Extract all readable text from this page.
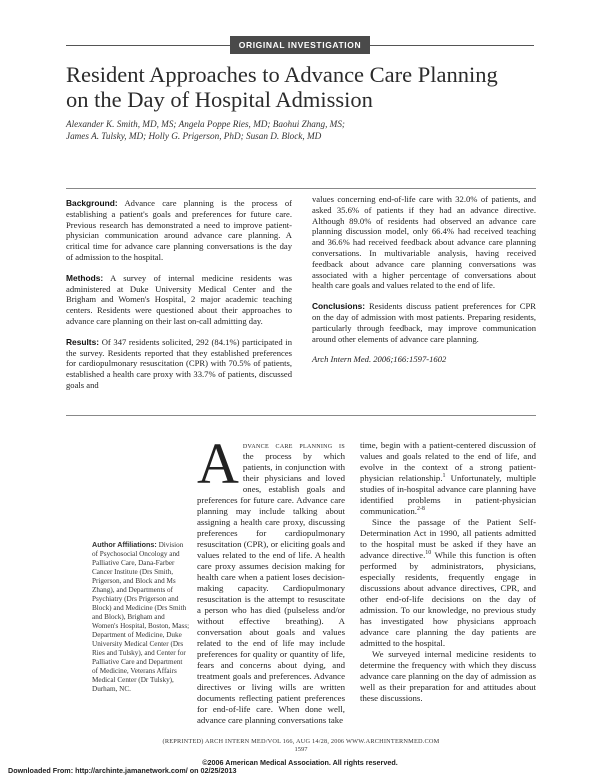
ORIGINAL INVESTIGATION
Resident Approaches to Advance Care Planning
on the Day of Hospital Admission
Alexander K. Smith, MD, MS; Angela Poppe Ries, MD; Baohui Zhang, MS;
James A. Tulsky, MD; Holly G. Prigerson, PhD; Susan D. Block, MD

Background: Advance care planning is the process of establishing a patient's goals and preferences for future care. Previous research has demonstrated a need to improve patient-physician communication around advance care planning. A critical time for advance care planning conversations is the day of admission to the hospital.

Methods: A survey of internal medicine residents was administered at Duke University Medical Center and the Brigham and Women's Hospital, 2 major academic teaching centers. Residents were questioned about their approaches to advance care planning on their last on-call admitting day.

Results: Of 347 residents solicited, 292 (84.1%) participated in the survey. Residents reported that they established preferences for cardiopulmonary resuscitation (CPR) with 70.5% of patients, established a health care proxy with 33.7% of patients, discussed goals and

values concerning end-of-life care with 32.0% of patients, and asked 35.6% of patients if they had an advance directive. Although 89.0% of residents had observed an advance care planning discussion model, only 66.4% had received teaching and 36.6% had received feedback about advance care planning conversations. In multivariable analysis, having received feedback about advance care planning conversations was associated with a higher percentage of conversations about health care goals and values related to the end of life.

Conclusions: Residents discuss patient preferences for CPR on the day of admission with most patients. Preparing residents, particularly through feedback, may improve communication around other elements of advance care planning.

Arch Intern Med. 2006;166:1597-1602

Author Affiliations: Division of Psychosocial Oncology and Palliative Care, Dana-Farber Cancer Institute (Drs Smith, Prigerson, and Block and Ms Zhang), and Departments of Psychiatry (Drs Prigerson and Block) and Medicine (Drs Smith and Block), Brigham and Women's Hospital, Boston, Mass; Department of Medicine, Duke University Medical Center (Drs Ries and Tulsky), and Center for Palliative Care and Department of Medicine, Veterans Affairs Medical Center (Dr Tulsky), Durham, NC.

A dvance care planning is the process by which patients, in conjunction with their physicians and loved ones, establish goals and preferences for future care. Advance care planning may include talking about assigning a health care proxy, discussing preferences for cardiopulmonary resuscitation (CPR), or eliciting goals and values related to the end of life. A health care proxy assumes decision making for health care when a patient loses decision-making capacity. Cardiopulmonary resuscitation is the attempt to resuscitate a person who has died (pulseless and/or without effective breathing). A conversation about goals and values related to the end of life may include preferences for quality or quantity of life, fears and concerns about dying, and treatment goals and preferences. Advance directives or living wills are written documents reflecting patient preferences for end-of-life care. When done well, advance care planning conversations take

time, begin with a patient-centered discussion of values and goals related to the end of life, and evolve in the context of a strong patient-physician relationship.$^1$ Unfortunately, multiple studies of in-hospital advance care planning have identified problems in patient-physician communication.$^{2-8}$

Since the passage of the Patient Self-Determination Act in 1990, all patients admitted to the hospital must be asked if they have an advance directive.$^{10}$ While this function is often performed by administrators, physicians, especially residents, frequently engage in discussions about advance directives, CPR, and other end-of-life decisions on the day of admission. To our knowledge, no previous study has investigated how physicians approach advance care planning the day patients are admitted to the hospital.

We surveyed internal medicine residents to determine the frequency with which they discuss advance care planning on the day of admission as well as their preparation for and attitudes about these discussions.

(REPRINTED) ARCH INTERN MED/VOL 166, AUG 14/28, 2006 WWW.ARCHINTERNMED.COM
1597
©2006 American Medical Association. All rights reserved.
Downloaded From: http://archinte.jamanetwork.com/ on 02/25/2013
